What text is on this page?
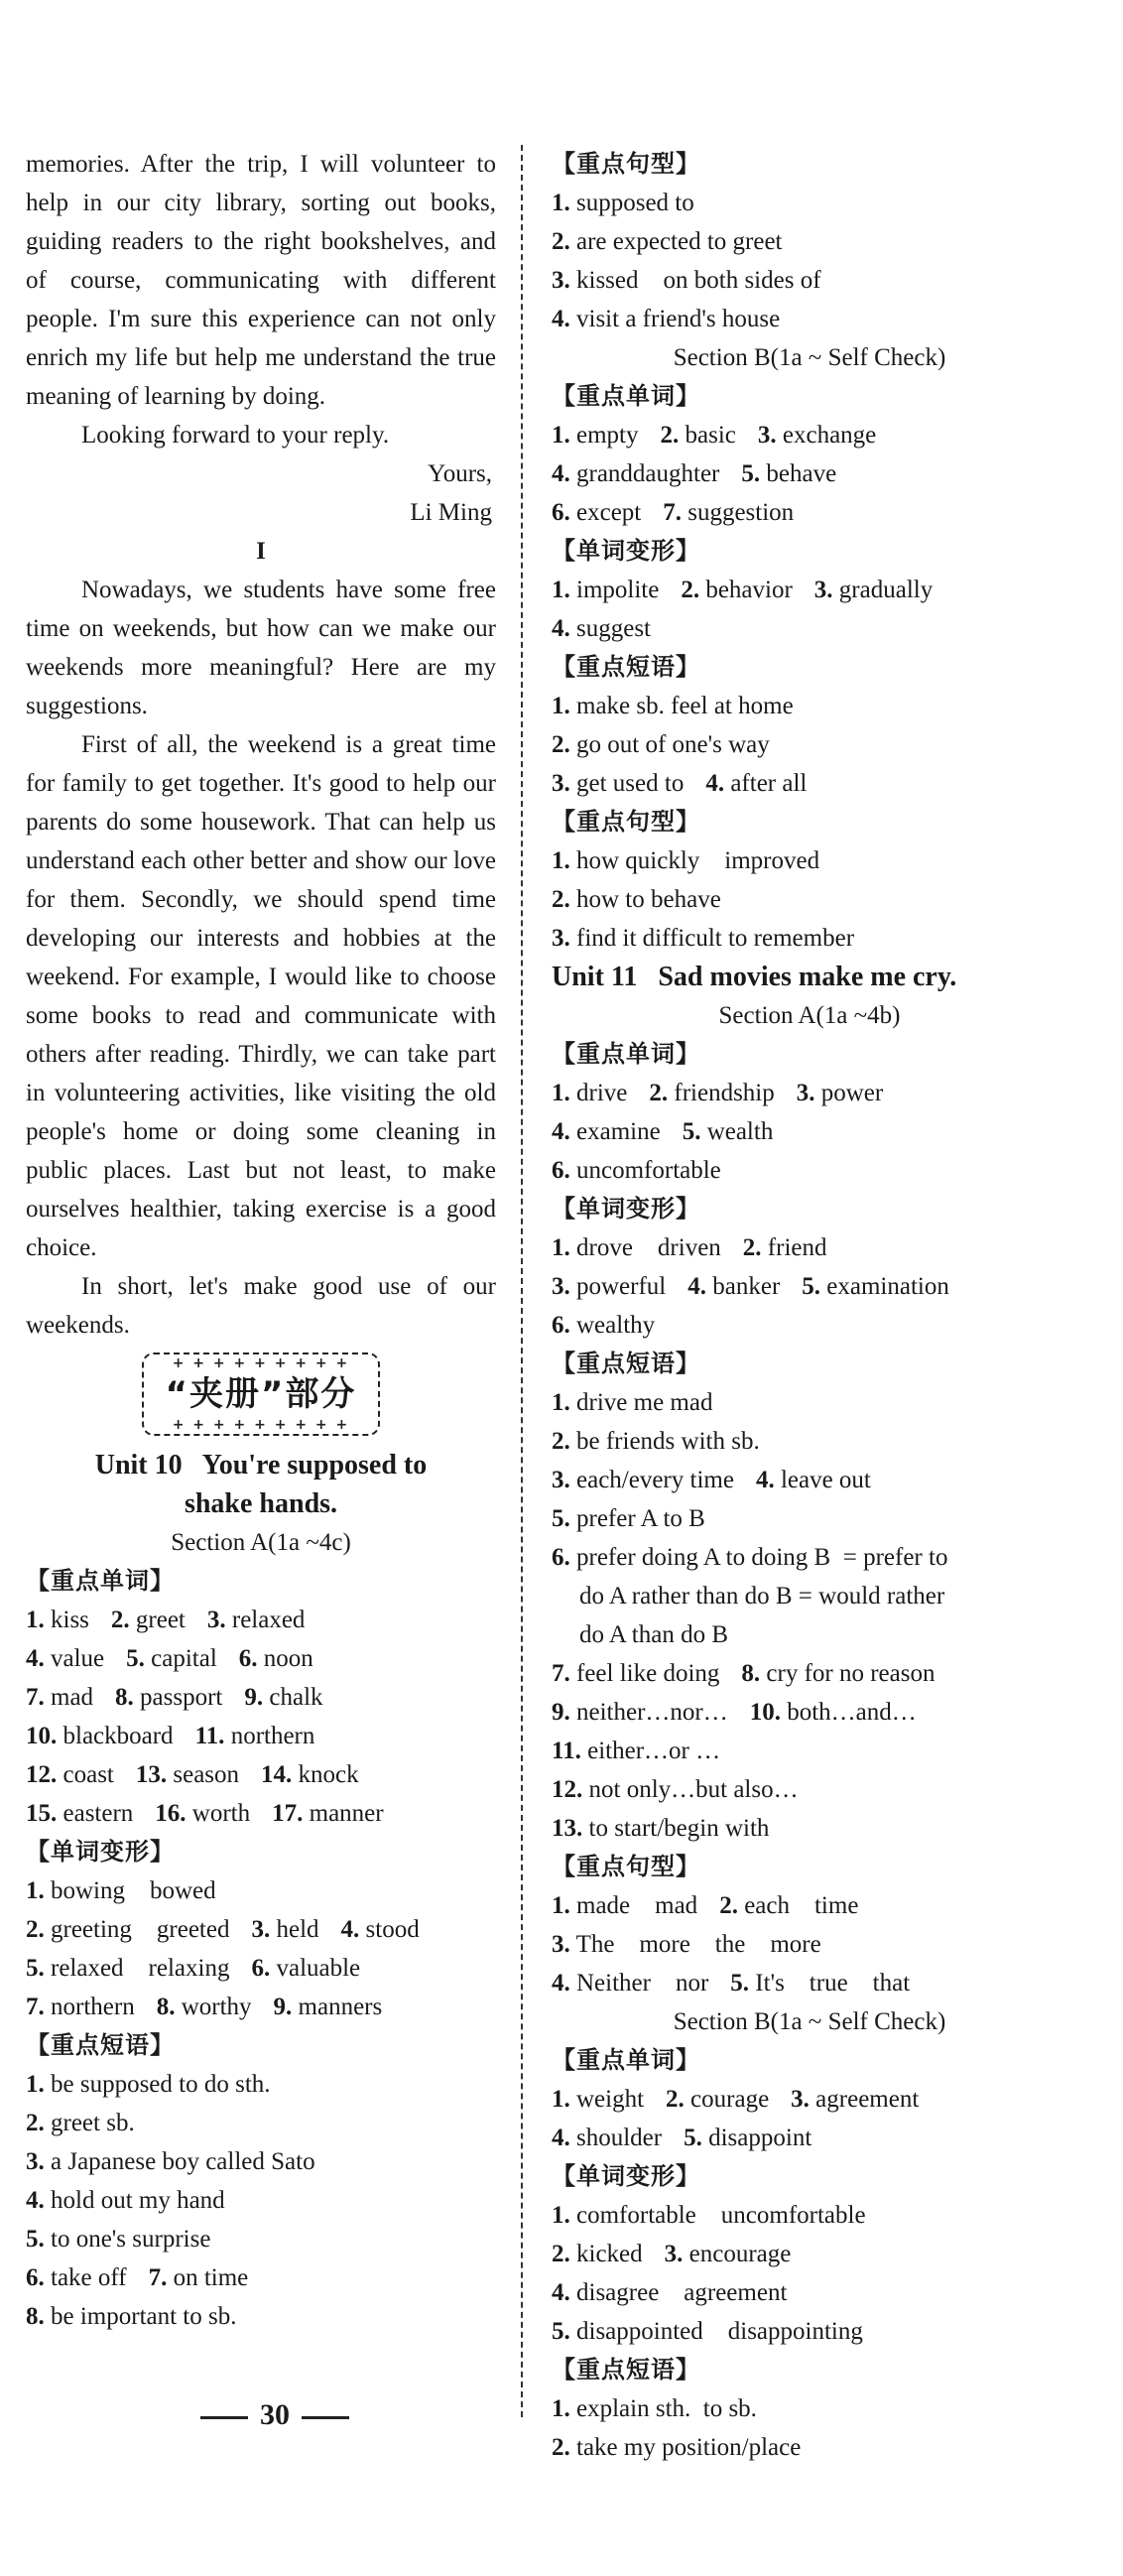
memories. After the trip, I will volunteer to help in our city library, sorting out books, guiding readers to the right bookshelves, and of course, communicating with different people. I'm sure this experience can not only enrich my life but help me understand the true meaning of learning by doing.

Looking forward to your reply.

Yours,

Li Ming

I

Nowadays, we students have some free time on weekends, but how can we make our weekends more meaningful? Here are my suggestions.

First of all, the weekend is a great time for family to get together. It's good to help our parents do some housework. That can help us understand each other better and show our love for them. Secondly, we should spend time developing our interests and hobbies at the weekend. For example, I would like to choose some books to read and communicate with others after reading. Thirdly, we can take part in volunteering activities, like visiting the old people's home or doing some cleaning in public places. Last but not least, to make ourselves healthier, taking exercise is a good choice.

In short, let's make good use of our weekends.

+ + + + + + + + + “夹册”部分 + + + + + + + + +

Unit 10   You're supposed to

shake hands.

Section A(1a ~4c)

【重点单词】

1. kiss 2. greet 3. relaxed

4. value 5. capital 6. noon

7. mad 8. passport 9. chalk

10. blackboard 11. northern

12. coast 13. season 14. knock

15. eastern 16. worth 17. manner

【单词变形】

1. bowing    bowed

2. greeting    greeted 3. held 4. stood

5. relaxed    relaxing 6. valuable

7. northern 8. worthy 9. manners

【重点短语】

1. be supposed to do sth.

2. greet sb.

3. a Japanese boy called Sato

4. hold out my hand

5. to one's surprise

6. take off 7. on time

8. be important to sb.

【重点句型】

1. supposed to

2. are expected to greet

3. kissed    on both sides of

4. visit a friend's house

Section B(1a ~ Self Check)

【重点单词】

1. empty 2. basic 3. exchange

4. granddaughter 5. behave

6. except 7. suggestion

【单词变形】

1. impolite 2. behavior 3. gradually

4. suggest

【重点短语】

1. make sb. feel at home

2. go out of one's way

3. get used to 4. after all

【重点句型】

1. how quickly    improved

2. how to behave

3. find it difficult to remember

Unit 11   Sad movies make me cry.

Section A(1a ~4b)

【重点单词】

1. drive 2. friendship 3. power

4. examine 5. wealth

6. uncomfortable

【单词变形】

1. drove    driven 2. friend

3. powerful 4. banker 5. examination

6. wealthy

【重点短语】

1. drive me mad

2. be friends with sb.

3. each/every time 4. leave out

5. prefer A to B

6. prefer doing A to doing B  = prefer to
do A rather than do B = would rather
do A than do B

7. feel like doing 8. cry for no reason

9. neither…nor… 10. both…and…

11. either…or …

12. not only…but also…

13. to start/begin with

【重点句型】

1. made    mad 2. each    time

3. The    more    the    more

4. Neither    nor 5. It's    true    that

Section B(1a ~ Self Check)

【重点单词】

1. weight 2. courage 3. agreement

4. shoulder 5. disappoint

【单词变形】

1. comfortable    uncomfortable

2. kicked 3. encourage

4. disagree    agreement

5. disappointed    disappointing

【重点短语】

1. explain sth.  to sb.

2. take my position/place

30
